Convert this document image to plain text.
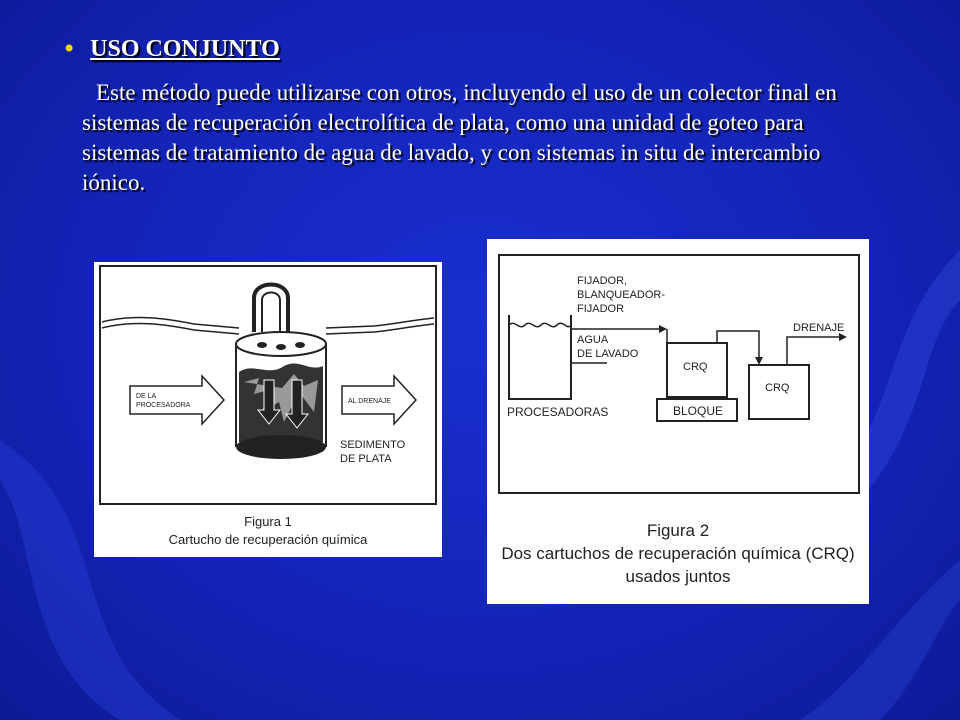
• USO CONJUNTO
Este método puede utilizarse con otros, incluyendo el uso de un colector final en sistemas de recuperación electrolítica de plata, como una unidad de goteo para sistemas de tratamiento de agua de lavado, y con sistemas in situ de intercambio iónico.
DE LA
PROCESADORA
AL DRENAJE
SEDIMENTO
DE PLATA
Figura 1
Cartucho de recuperación química
PROCESADORAS
FIJADOR,
BLANQUEADOR-
FIJADOR
AGUA
DE LAVADO
CRQ
BLOQUE
CRQ
DRENAJE
Figura 2
Dos cartuchos de recuperación química (CRQ)
usados juntos
